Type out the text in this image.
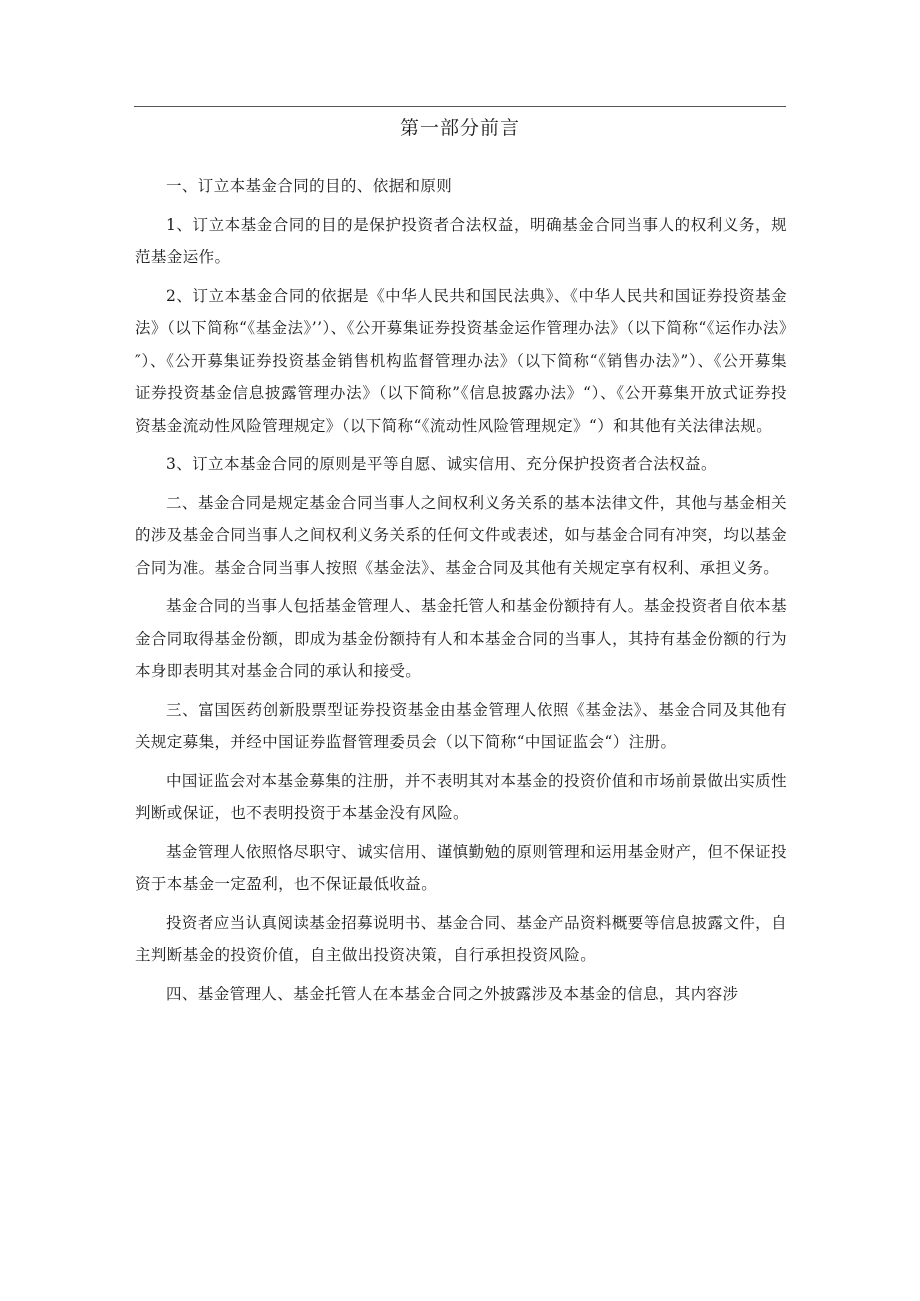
第一部分前言

一、订立本基金合同的目的、依据和原则

1、订立本基金合同的目的是保护投资者合法权益，明确基金合同当事人的权利义务，规范基金运作。

2、订立本基金合同的依据是《中华人民共和国民法典》、《中华人民共和国证券投资基金法》（以下简称“《基金法》’’）、《公开募集证券投资基金运作管理办法》（以下简称“《运作办法》″）、《公开募集证券投资基金销售机构监督管理办法》（以下简称“《销售办法》”）、《公开募集证券投资基金信息披露管理办法》（以下简称”《信息披露办法》“）、《公开募集开放式证券投资基金流动性风险管理规定》（以下简称“《流动性风险管理规定》“）和其他有关法律法规。

3、订立本基金合同的原则是平等自愿、诚实信用、充分保护投资者合法权益。

二、基金合同是规定基金合同当事人之间权利义务关系的基本法律文件，其他与基金相关的涉及基金合同当事人之间权利义务关系的任何文件或表述，如与基金合同有冲突，均以基金合同为准。基金合同当事人按照《基金法》、基金合同及其他有关规定享有权利、承担义务。

基金合同的当事人包括基金管理人、基金托管人和基金份额持有人。基金投资者自依本基金合同取得基金份额，即成为基金份额持有人和本基金合同的当事人，其持有基金份额的行为本身即表明其对基金合同的承认和接受。

三、富国医药创新股票型证券投资基金由基金管理人依照《基金法》、基金合同及其他有关规定募集，并经中国证券监督管理委员会（以下简称“中国证监会“）注册。

中国证监会对本基金募集的注册，并不表明其对本基金的投资价值和市场前景做出实质性判断或保证，也不表明投资于本基金没有风险。

基金管理人依照恪尽职守、诚实信用、谨慎勤勉的原则管理和运用基金财产，但不保证投资于本基金一定盈利，也不保证最低收益。

投资者应当认真阅读基金招募说明书、基金合同、基金产品资料概要等信息披露文件，自主判断基金的投资价值，自主做出投资决策，自行承担投资风险。

四、基金管理人、基金托管人在本基金合同之外披露涉及本基金的信息，其内容涉
